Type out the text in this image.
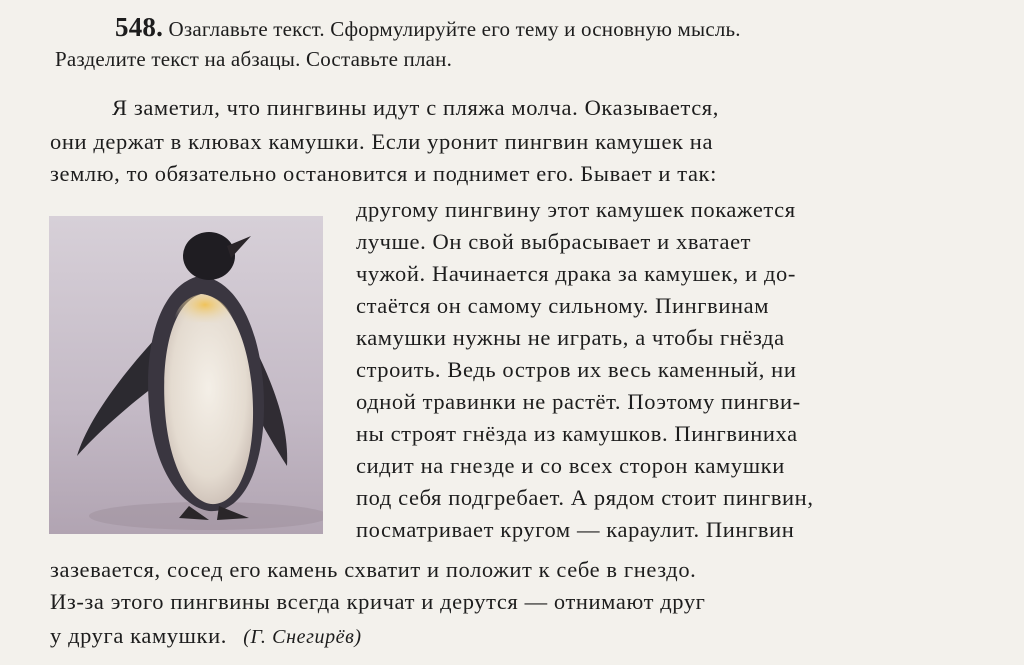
548. Озаглавьте текст. Сформулируйте его тему и основную мысль.
Разделите текст на абзацы. Составьте план.
Я заметил, что пингвины идут с пляжа молча. Оказывается,
они держат в клювах камушки. Если уронит пингвин камушек на
землю, то обязательно остановится и поднимет его. Бывает и так:
другому пингвину этот камушек покажется
лучше. Он свой выбрасывает и хватает
чужой. Начинается драка за камушек, и до-
стаётся он самому сильному. Пингвинам
камушки нужны не играть, а чтобы гнёзда
строить. Ведь остров их весь каменный, ни
одной травинки не растёт. Поэтому пингви-
ны строят гнёзда из камушков. Пингвиниха
сидит на гнезде и со всех сторон камушки
под себя подгребает. А рядом стоит пингвин,
посматривает кругом — караулит. Пингвин
зазевается, сосед его камень схватит и положит к себе в гнездо.
Из-за этого пингвины всегда кричат и дерутся — отнимают друг
у друга камушки. (Г. Снегирёв)
